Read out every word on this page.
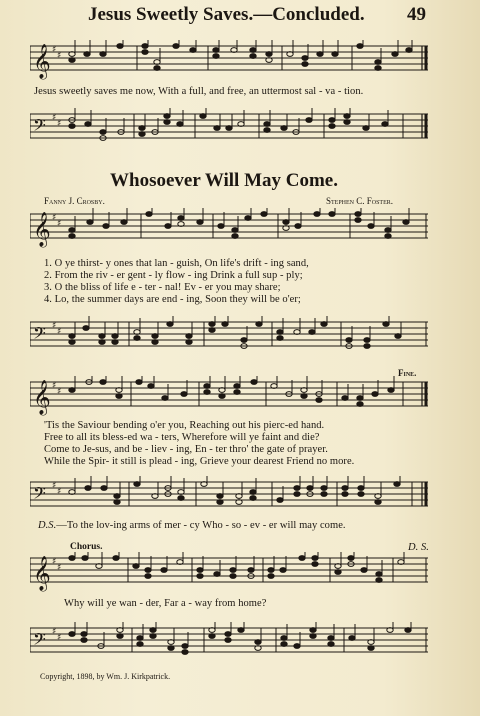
Jesus Sweetly Saves.—Concluded. 49
𝄞 ♯
♯
Jesus sweetly saves me now, With a full, and free, an uttermost sal - va - tion.
𝄢 ♯
♯
Whosoever Will May Come.
Fanny J. Crosby.	Stephen C. Foster.
𝄞 ♯
♯
1. O ye thirst- y ones that lan - guish, On life's drift - ing sand,
2. From the riv - er gent - ly flow - ing Drink a full sup - ply;
3. O the bliss of life e - ter - nal! Ev - er you may share;
4. Lo, the summer days are end - ing, Soon they will be o'er;
𝄢 ♯
♯
Fine.
𝄞 ♯
♯
'Tis the Saviour bending o'er you, Reaching out his pierc-ed hand.
Free to all its bless-ed wa - ters, Wherefore will ye faint and die?
Come to Je-sus, and be - liev - ing, En - ter thro' the gate of prayer.
While the Spir- it still is plead - ing, Grieve your dearest Friend no more.
𝄢 ♯
♯
D.S.—To the lov-ing arms of mer - cy Who - so - ev - er will may come.
Chorus.	D. S.
𝄞 ♯
♯
Why will ye wan - der, Far a - way from home?
𝄢 ♯
♯
Copyright, 1898, by Wm. J. Kirkpatrick.
